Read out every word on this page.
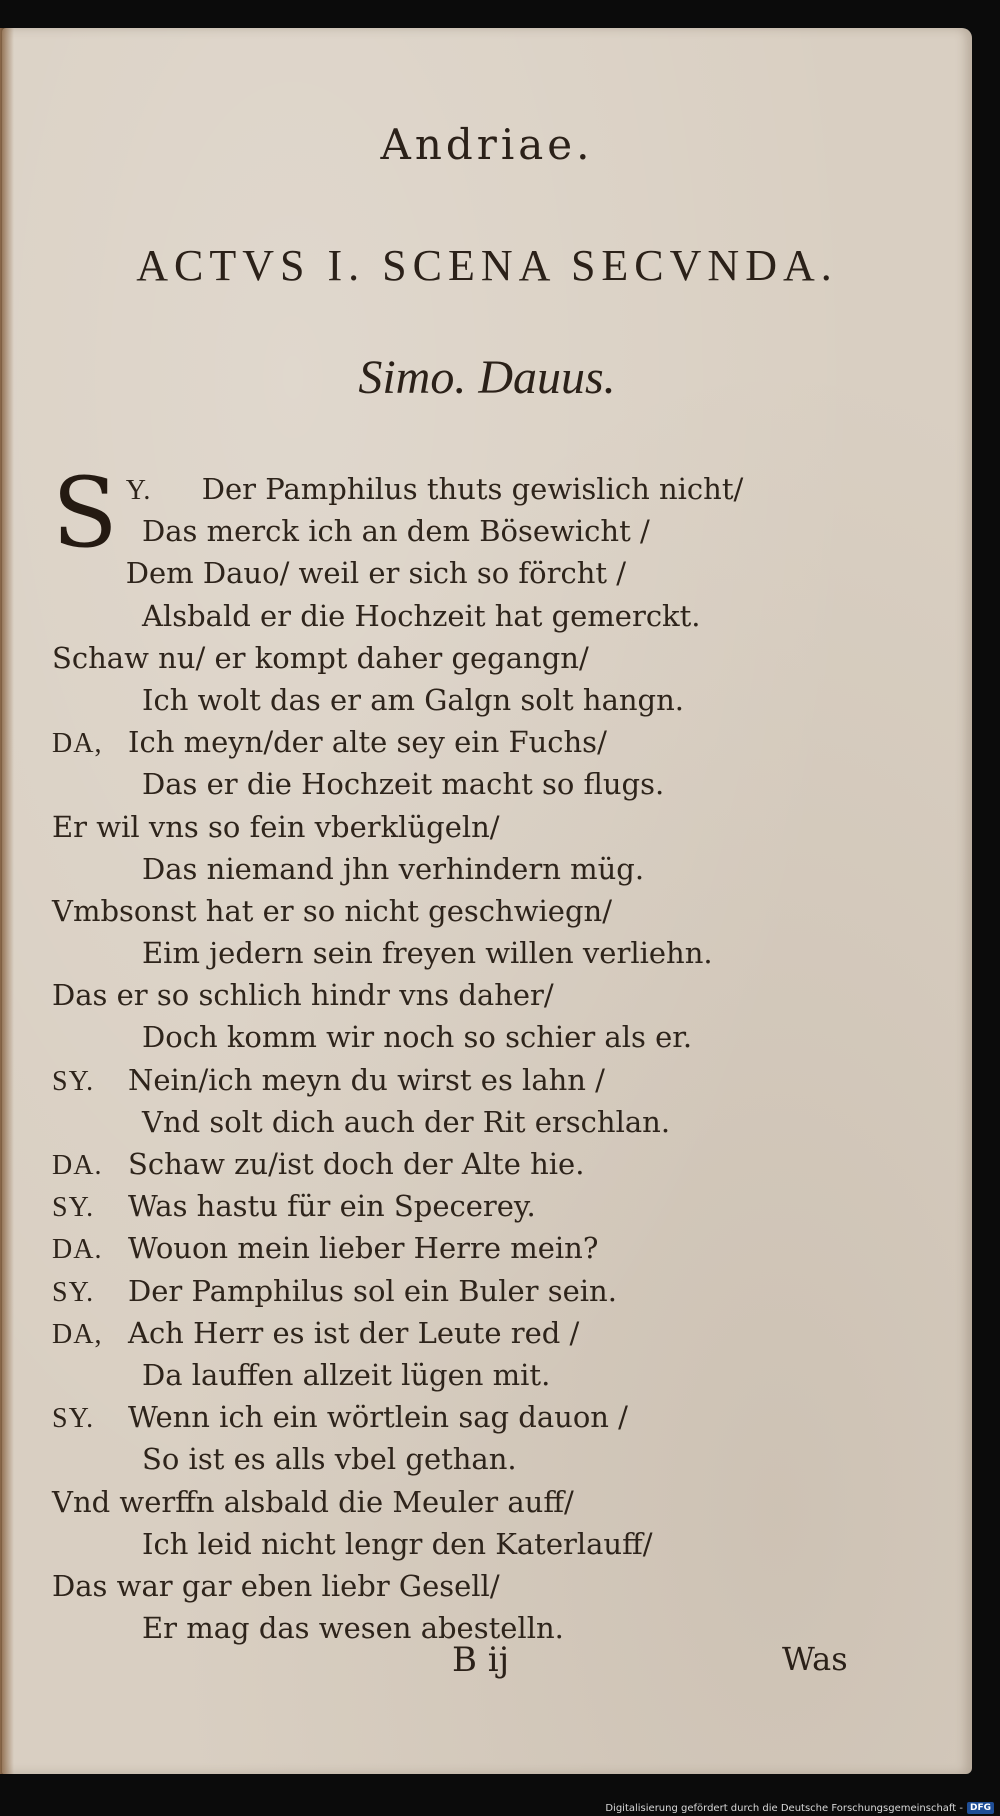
Andriae.
ACTVS I. SCENA SECVNDA.
Simo. Dauus.
S Y. Der Pamphilus thuts gewislich nicht/
Das merck ich an dem Bösewicht /
Dem Dauo/ weil er sich so förcht /
Alsbald er die Hochzeit hat gemerckt.
Schaw nu/ er kompt daher gegangn/
Ich wolt das er am Galgn solt hangn.
DA, Ich meyn/der alte sey ein Fuchs/
Das er die Hochzeit macht so flugs.
Er wil vns so fein vberklügeln/
Das niemand jhn verhindern müg.
Vmbsonst hat er so nicht geschwiegn/
Eim jedern sein freyen willen verliehn.
Das er so schlich hindr vns daher/
Doch komm wir noch so schier als er.
SY. Nein/ich meyn du wirst es lahn /
Vnd solt dich auch der Rit erschlan.
DA. Schaw zu/ist doch der Alte hie.
SY. Was hastu für ein Specerey.
DA. Wouon mein lieber Herre mein?
SY. Der Pamphilus sol ein Buler sein.
DA, Ach Herr es ist der Leute red /
Da lauffen allzeit lügen mit.
SY. Wenn ich ein wörtlein sag dauon /
So ist es alls vbel gethan.
Vnd werffn alsbald die Meuler auff/
Ich leid nicht lengr den Katerlauff/
Das war gar eben liebr Gesell/
Er mag das wesen abestelln.
B ij	Was
Digitalisierung gefördert durch die Deutsche Forschungsgemeinschaft - DFG
